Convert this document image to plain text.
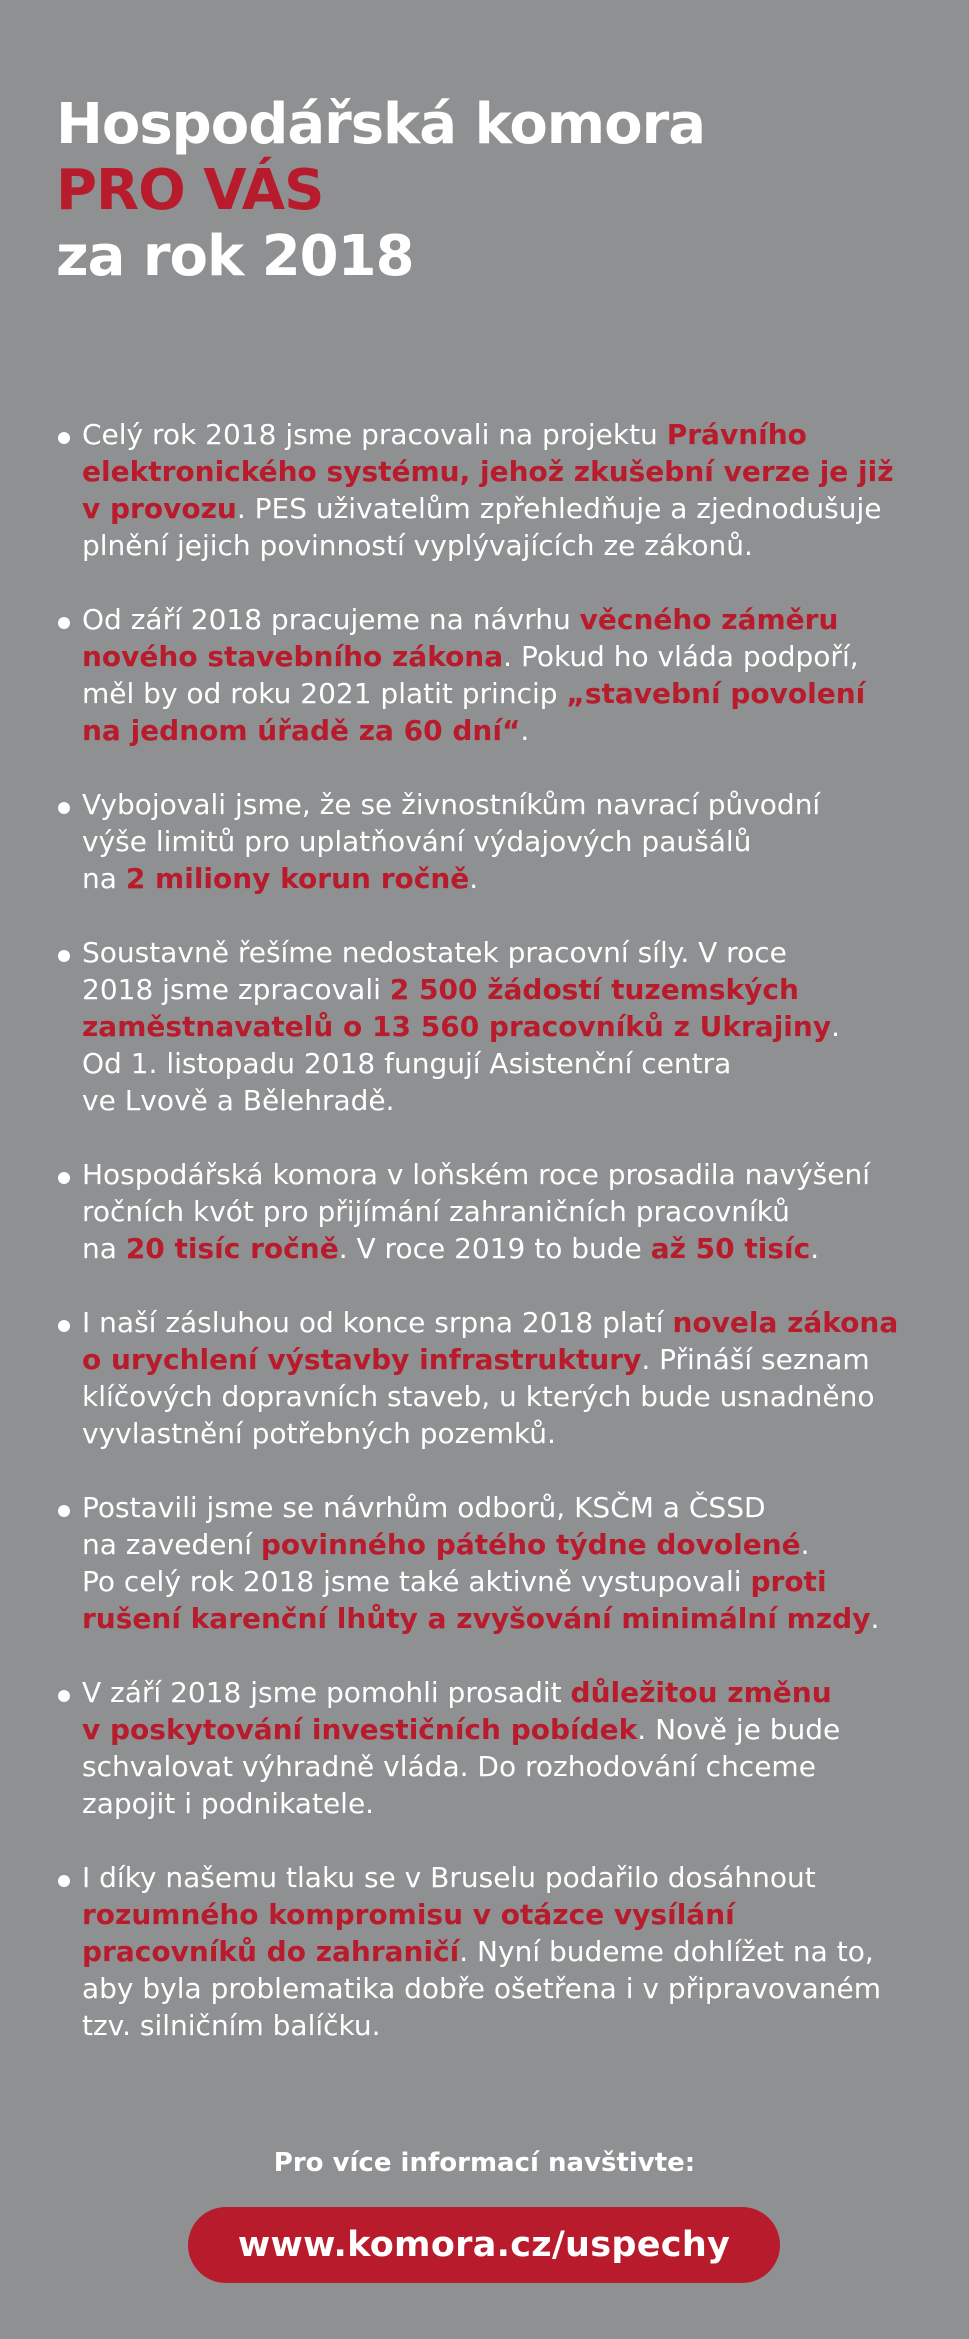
Hospodářská komora
PRO VÁS
za rok 2018
Celý rok 2018 jsme pracovali na projektu Právního
elektronického systému, jehož zkušební verze je již
v provozu. PES uživatelům zpřehledňuje a zjednodušuje
plnění jejich povinností vyplývajících ze zákonů.
Od září 2018 pracujeme na návrhu věcného záměru
nového stavebního zákona. Pokud ho vláda podpoří,
měl by od roku 2021 platit princip „stavební povolení
na jednom úřadě za 60 dní“.
Vybojovali jsme, že se živnostníkům navrací původní
výše limitů pro uplatňování výdajových paušálů
na 2 miliony korun ročně.
Soustavně řešíme nedostatek pracovní síly. V roce
2018 jsme zpracovali 2 500 žádostí tuzemských
zaměstnavatelů o 13 560 pracovníků z Ukrajiny.
Od 1. listopadu 2018 fungují Asistenční centra
ve Lvově a Bělehradě.
Hospodářská komora v loňském roce prosadila navýšení
ročních kvót pro přijímání zahraničních pracovníků
na 20 tisíc ročně. V roce 2019 to bude až 50 tisíc.
I naší zásluhou od konce srpna 2018 platí novela zákona
o urychlení výstavby infrastruktury. Přináší seznam
klíčových dopravních staveb, u kterých bude usnadněno
vyvlastnění potřebných pozemků.
Postavili jsme se návrhům odborů, KSČM a ČSSD
na zavedení povinného pátého týdne dovolené.
Po celý rok 2018 jsme také aktivně vystupovali proti
rušení karenční lhůty a zvyšování minimální mzdy.
V září 2018 jsme pomohli prosadit důležitou změnu
v poskytování investičních pobídek. Nově je bude
schvalovat výhradně vláda. Do rozhodování chceme
zapojit i podnikatele.
I díky našemu tlaku se v Bruselu podařilo dosáhnout
rozumného kompromisu v otázce vysílání
pracovníků do zahraničí. Nyní budeme dohlížet na to,
aby byla problematika dobře ošetřena i v připravovaném
tzv. silničním balíčku.
Pro více informací navštivte:
www.komora.cz/uspechy
